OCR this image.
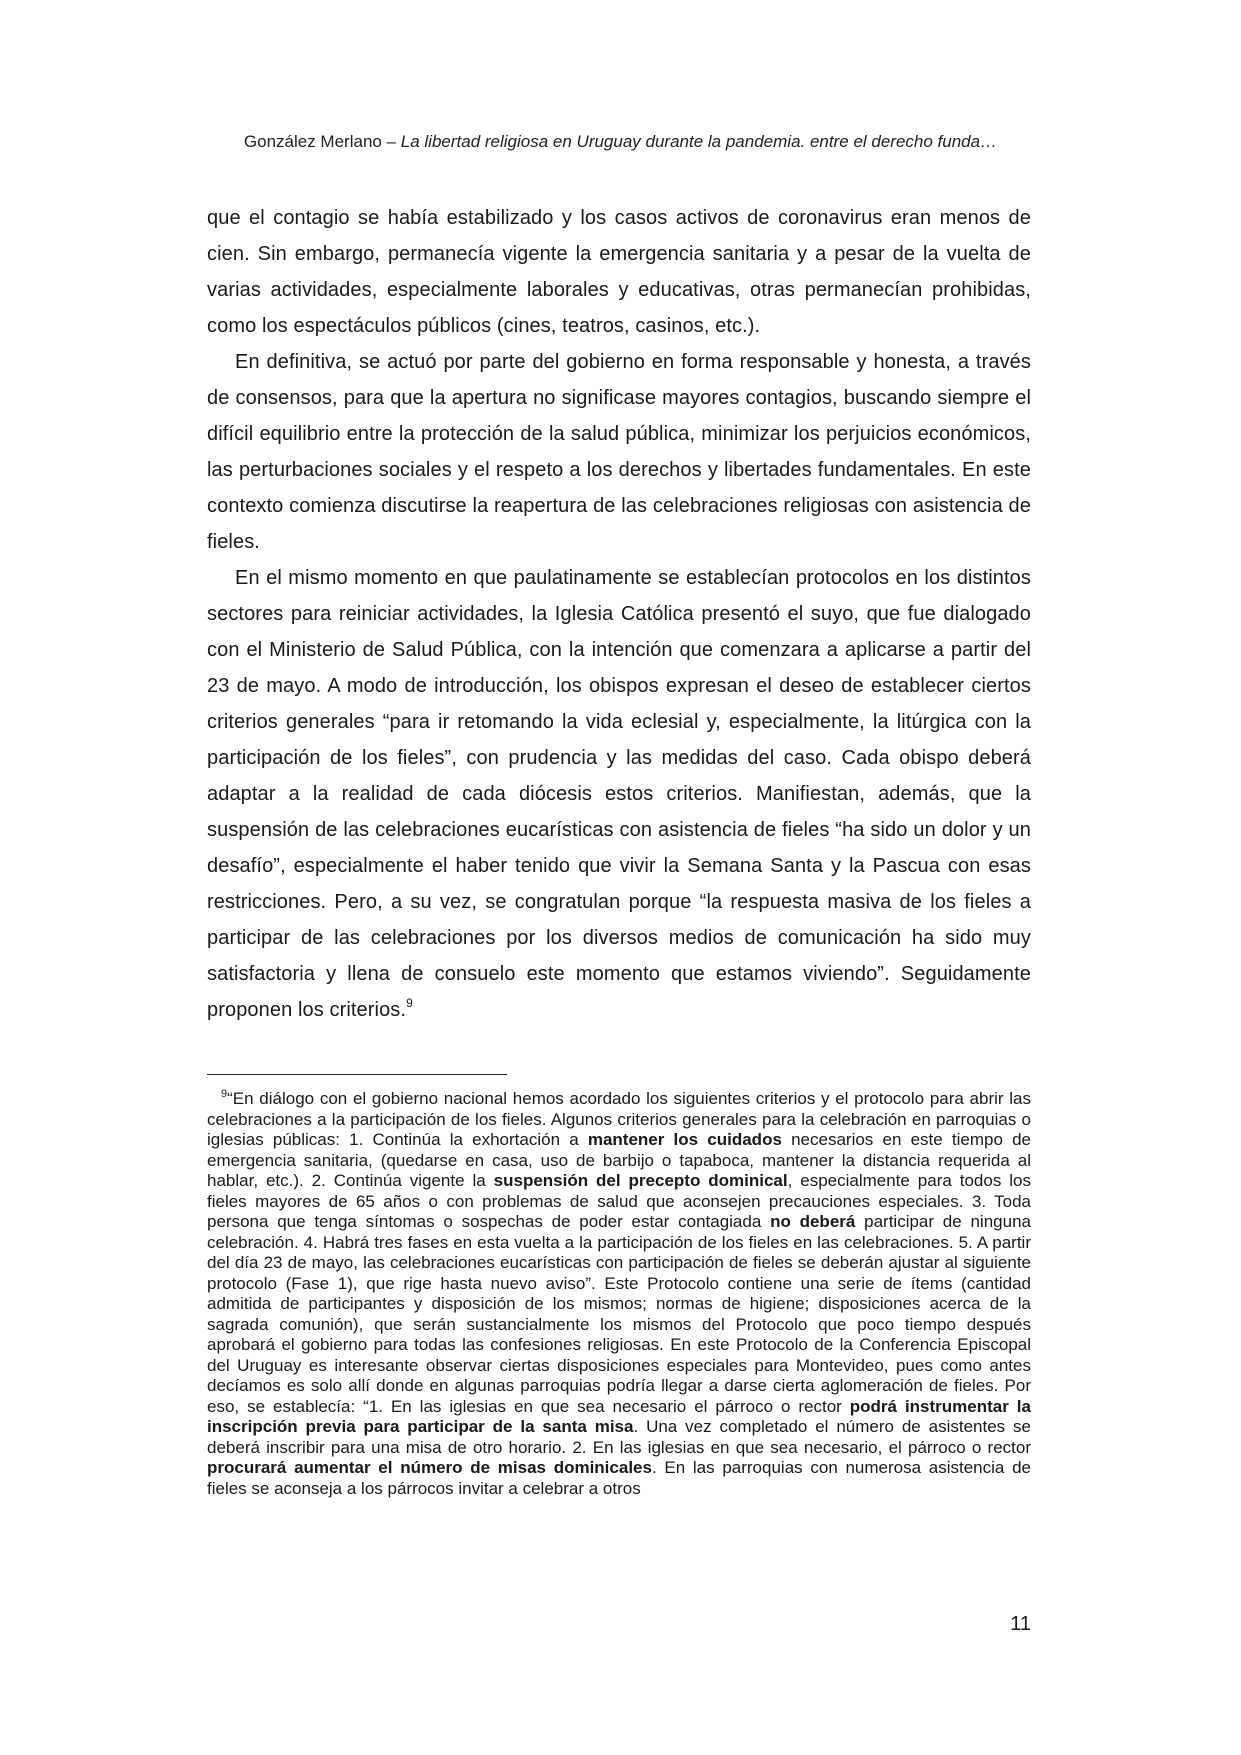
González Merlano – La libertad religiosa en Uruguay durante la pandemia. entre el derecho funda…

que el contagio se había estabilizado y los casos activos de coronavirus eran menos de cien. Sin embargo, permanecía vigente la emergencia sanitaria y a pesar de la vuelta de varias actividades, especialmente laborales y educativas, otras permanecían prohibidas, como los espectáculos públicos (cines, teatros, casinos, etc.).

En definitiva, se actuó por parte del gobierno en forma responsable y honesta, a través de consensos, para que la apertura no significase mayores contagios, buscando siempre el difícil equilibrio entre la protección de la salud pública, minimizar los perjuicios económicos, las perturbaciones sociales y el respeto a los derechos y libertades fundamentales. En este contexto comienza discutirse la reapertura de las celebraciones religiosas con asistencia de fieles.

En el mismo momento en que paulatinamente se establecían protocolos en los distintos sectores para reiniciar actividades, la Iglesia Católica presentó el suyo, que fue dialogado con el Ministerio de Salud Pública, con la intención que comenzara a aplicarse a partir del 23 de mayo. A modo de introducción, los obispos expresan el deseo de establecer ciertos criterios generales “para ir retomando la vida eclesial y, especialmente, la litúrgica con la participación de los fieles”, con prudencia y las medidas del caso. Cada obispo deberá adaptar a la realidad de cada diócesis estos criterios. Manifiestan, además, que la suspensión de las celebraciones eucarísticas con asistencia de fieles “ha sido un dolor y un desafío”, especialmente el haber tenido que vivir la Semana Santa y la Pascua con esas restricciones. Pero, a su vez, se congratulan porque “la respuesta masiva de los fieles a participar de las celebraciones por los diversos medios de comunicación ha sido muy satisfactoria y llena de consuelo este momento que estamos viviendo”. Seguidamente proponen los criterios.$^9$

$^9$“En diálogo con el gobierno nacional hemos acordado los siguientes criterios y el protocolo para abrir las celebraciones a la participación de los fieles. Algunos criterios generales para la celebración en parroquias o iglesias públicas: 1. Continúa la exhortación a mantener los cuidados necesarios en este tiempo de emergencia sanitaria, (quedarse en casa, uso de barbijo o tapaboca, mantener la distancia requerida al hablar, etc.). 2. Continúa vigente la suspensión del precepto dominical, especialmente para todos los fieles mayores de 65 años o con problemas de salud que aconsejen precauciones especiales. 3. Toda persona que tenga síntomas o sospechas de poder estar contagiada no deberá participar de ninguna celebración. 4. Habrá tres fases en esta vuelta a la participación de los fieles en las celebraciones. 5. A partir del día 23 de mayo, las celebraciones eucarísticas con participación de fieles se deberán ajustar al siguiente protocolo (Fase 1), que rige hasta nuevo aviso”. Este Protocolo contiene una serie de ítems (cantidad admitida de participantes y disposición de los mismos; normas de higiene; disposiciones acerca de la sagrada comunión), que serán sustancialmente los mismos del Protocolo que poco tiempo después aprobará el gobierno para todas las confesiones religiosas. En este Protocolo de la Conferencia Episcopal del Uruguay es interesante observar ciertas disposiciones especiales para Montevideo, pues como antes decíamos es solo allí donde en algunas parroquias podría llegar a darse cierta aglomeración de fieles. Por eso, se establecía: “1. En las iglesias en que sea necesario el párroco o rector podrá instrumentar la inscripción previa para participar de la santa misa. Una vez completado el número de asistentes se deberá inscribir para una misa de otro horario. 2. En las iglesias en que sea necesario, el párroco o rector procurará aumentar el número de misas dominicales. En las parroquias con numerosa asistencia de fieles se aconseja a los párrocos invitar a celebrar a otros

11
